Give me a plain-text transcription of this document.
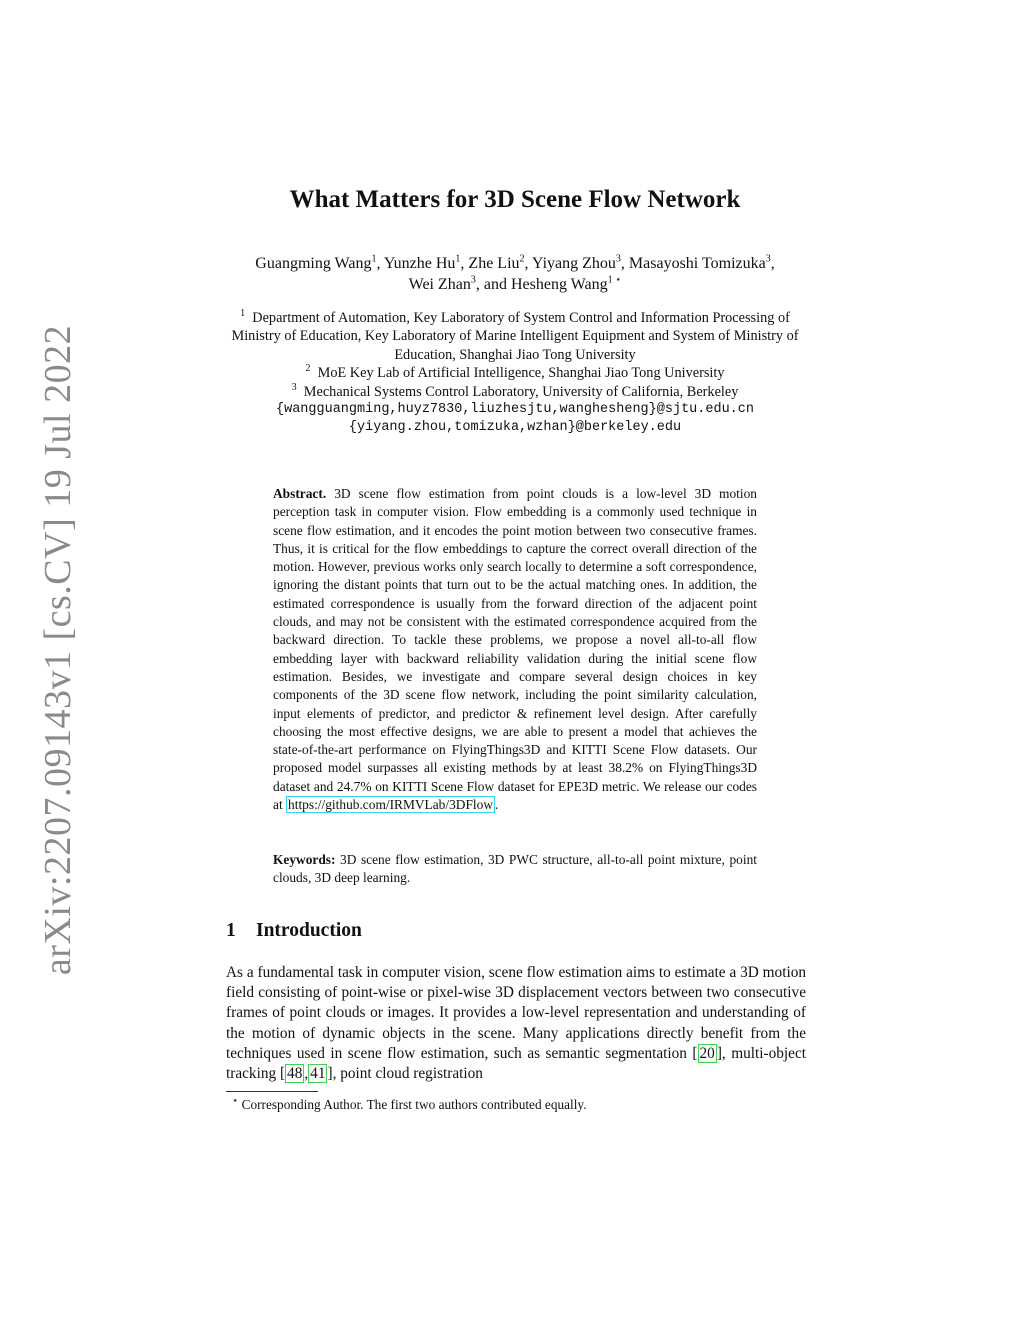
arXiv:2207.09143v1 [cs.CV] 19 Jul 2022
What Matters for 3D Scene Flow Network
Guangming Wang$^1$, Yunzhe Hu$^1$, Zhe Liu$^2$, Yiyang Zhou$^3$, Masayoshi Tomizuka$^3$,
Wei Zhan$^3$, and Hesheng Wang$^{1 ⋆}$
$^1$ Department of Automation, Key Laboratory of System Control and Information Processing of Ministry of Education, Key Laboratory of Marine Intelligent Equipment and System of Ministry of Education, Shanghai Jiao Tong University
$^2$ MoE Key Lab of Artificial Intelligence, Shanghai Jiao Tong University
$^3$ Mechanical Systems Control Laboratory, University of California, Berkeley
{wangguangming,huyz7830,liuzhesjtu,wanghesheng}@sjtu.edu.cn
{yiyang.zhou,tomizuka,wzhan}@berkeley.edu
Abstract. 3D scene flow estimation from point clouds is a low-level 3D motion perception task in computer vision. Flow embedding is a commonly used technique in scene flow estimation, and it encodes the point motion between two consecutive frames. Thus, it is critical for the flow embeddings to capture the correct overall direction of the motion. However, previous works only search locally to determine a soft correspondence, ignoring the distant points that turn out to be the actual matching ones. In addition, the estimated correspondence is usually from the forward direction of the adjacent point clouds, and may not be consistent with the estimated correspondence acquired from the backward direction. To tackle these problems, we propose a novel all-to-all flow embedding layer with backward reliability validation during the initial scene flow estimation. Besides, we investigate and compare several design choices in key components of the 3D scene flow network, including the point similarity calculation, input elements of predictor, and predictor & refinement level design. After carefully choosing the most effective designs, we are able to present a model that achieves the state-of-the-art performance on FlyingThings3D and KITTI Scene Flow datasets. Our proposed model surpasses all existing methods by at least 38.2% on FlyingThings3D dataset and 24.7% on KITTI Scene Flow dataset for EPE3D metric. We release our codes at https://github.com/IRMVLab/3DFlow .
Keywords: 3D scene flow estimation, 3D PWC structure, all-to-all point mixture, point clouds, 3D deep learning.
1 Introduction
As a fundamental task in computer vision, scene flow estimation aims to estimate a 3D motion field consisting of point-wise or pixel-wise 3D displacement vectors between two consecutive frames of point clouds or images. It provides a low-level representation and understanding of the motion of dynamic objects in the scene. Many applications directly benefit from the techniques used in scene flow estimation, such as semantic segmentation [ 20 ], multi-object tracking [ 48 , 41 ], point cloud registration
⋆ Corresponding Author. The first two authors contributed equally.
